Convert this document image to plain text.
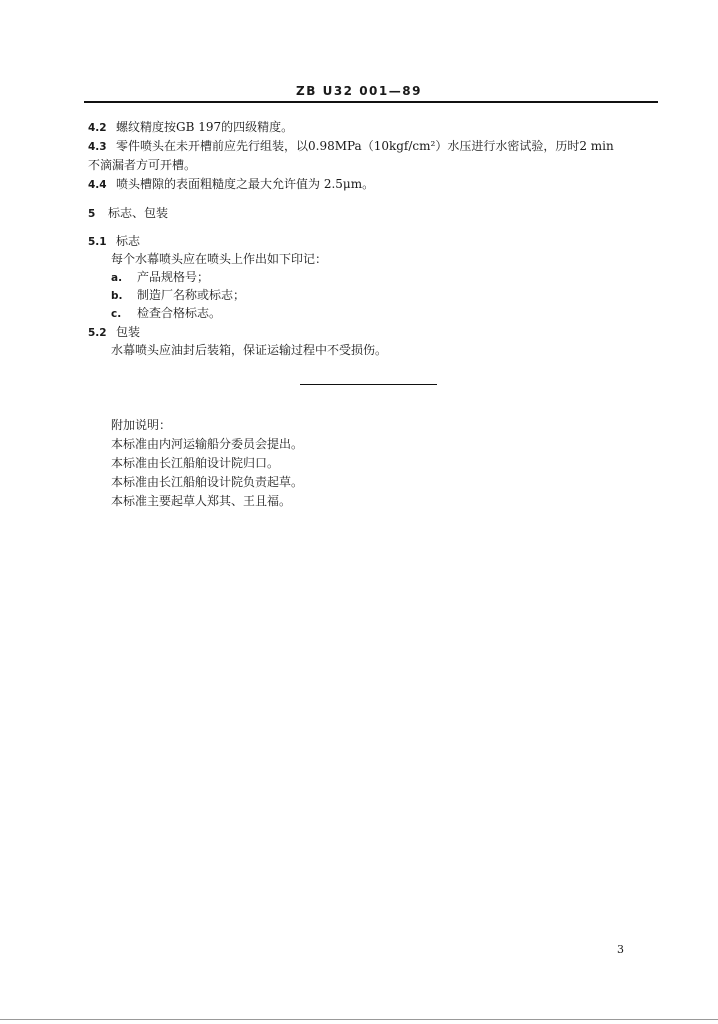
ZB U32 001—89
4.2 螺纹精度按GB 197的四级精度。
4.3 零件喷头在未开槽前应先行组装，以0.98MPa（10kgf/cm²）水压进行水密试验，历时2 min
不滴漏者方可开槽。
4.4 喷头槽隙的表面粗糙度之最大允许值为 2.5μm。
5 标志、包装
5.1 标志
每个水幕喷头应在喷头上作出如下印记：
a. 产品规格号；
b. 制造厂名称或标志；
c. 检查合格标志。
5.2 包装
水幕喷头应油封后装箱，保证运输过程中不受损伤。
附加说明：
本标准由内河运输船分委员会提出。
本标准由长江船舶设计院归口。
本标准由长江船舶设计院负责起草。
本标准主要起草人郑其、王且福。
3
